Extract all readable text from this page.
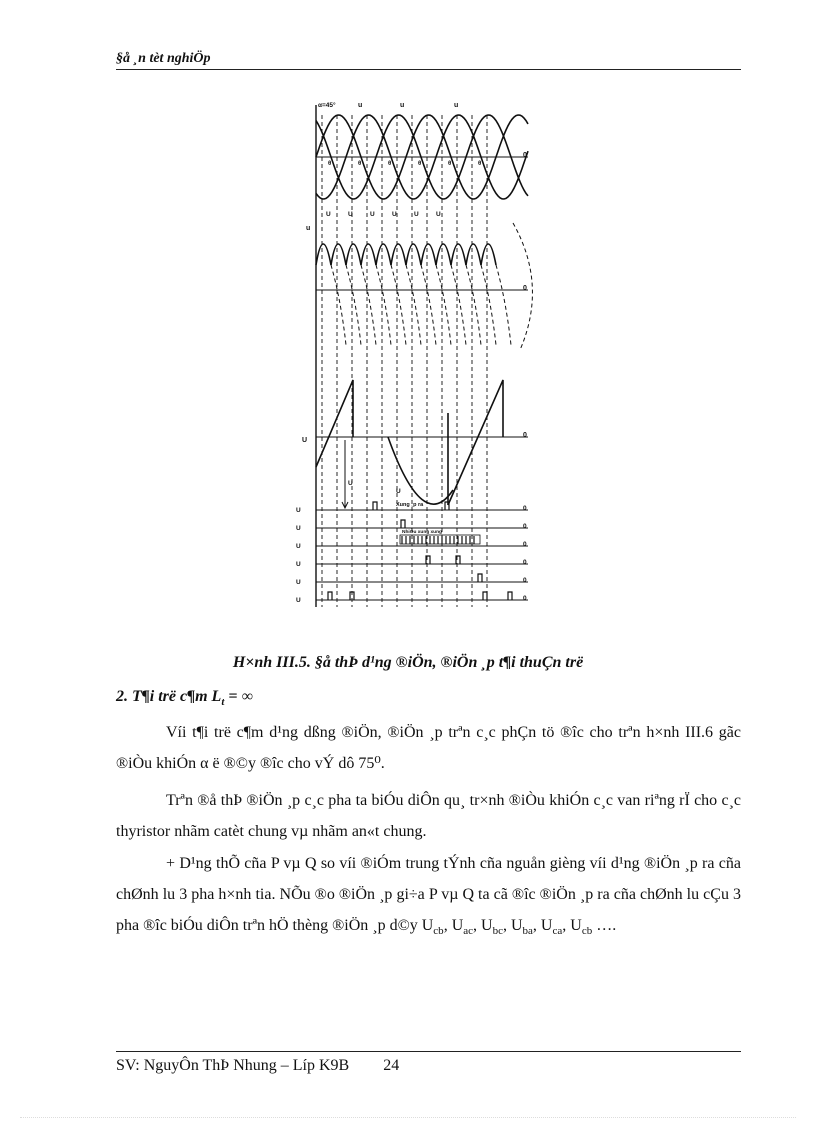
§å ¸n tèt nghiÖp
α=45°	u	u	u
0
θ	θ	θ	θ	θ	θ
U	U	U	U	U	U
u
0
U
0
U
U
U	0
U	0
U	0
U	0
U	0
U	0
Xung ¸p ra
NhiÒu xung xung
H×nh III.5. §å thÞ d¹ng ®iÖn, ®iÖn ¸p t¶i thuÇn trë
2. T¶i trë c¶m $L_t$ = ∞
Víi t¶i trë c¶m d¹ng dßng ®iÖn, ®iÖn ¸p trªn c¸c phÇn tö ®îc cho trªn h×nh III.6 gãc ®iÒu khiÓn α ë ®©y ®îc cho vÝ dô 75⁰.
Trªn ®å thÞ ®iÖn ¸p c¸c pha ta biÓu diÔn qu¸ tr×nh ®iÒu khiÓn c¸c van riªng rÏ cho c¸c thyristor nhãm catèt chung vµ nhãm an«t chung.
+ D¹ng thÕ cña P vµ Q so víi ®iÓm trung tÝnh cña nguån gièng víi d¹ng ®iÖn ¸p ra cña chØnh lu 3 pha h×nh tia. NÕu ®o ®iÖn ¸p gi÷a P vµ Q ta cã ®îc ®iÖn ¸p ra cña chØnh lu cÇu 3 pha ®îc biÓu diÔn trªn hÖ thèng ®iÖn ¸p d©y $U_{cb}$, $U_{ac}$, $U_{bc}$, $U_{ba}$, $U_{ca}$, $U_{cb}$ ….
SV: NguyÔn ThÞ Nhung – Líp K9B 24
